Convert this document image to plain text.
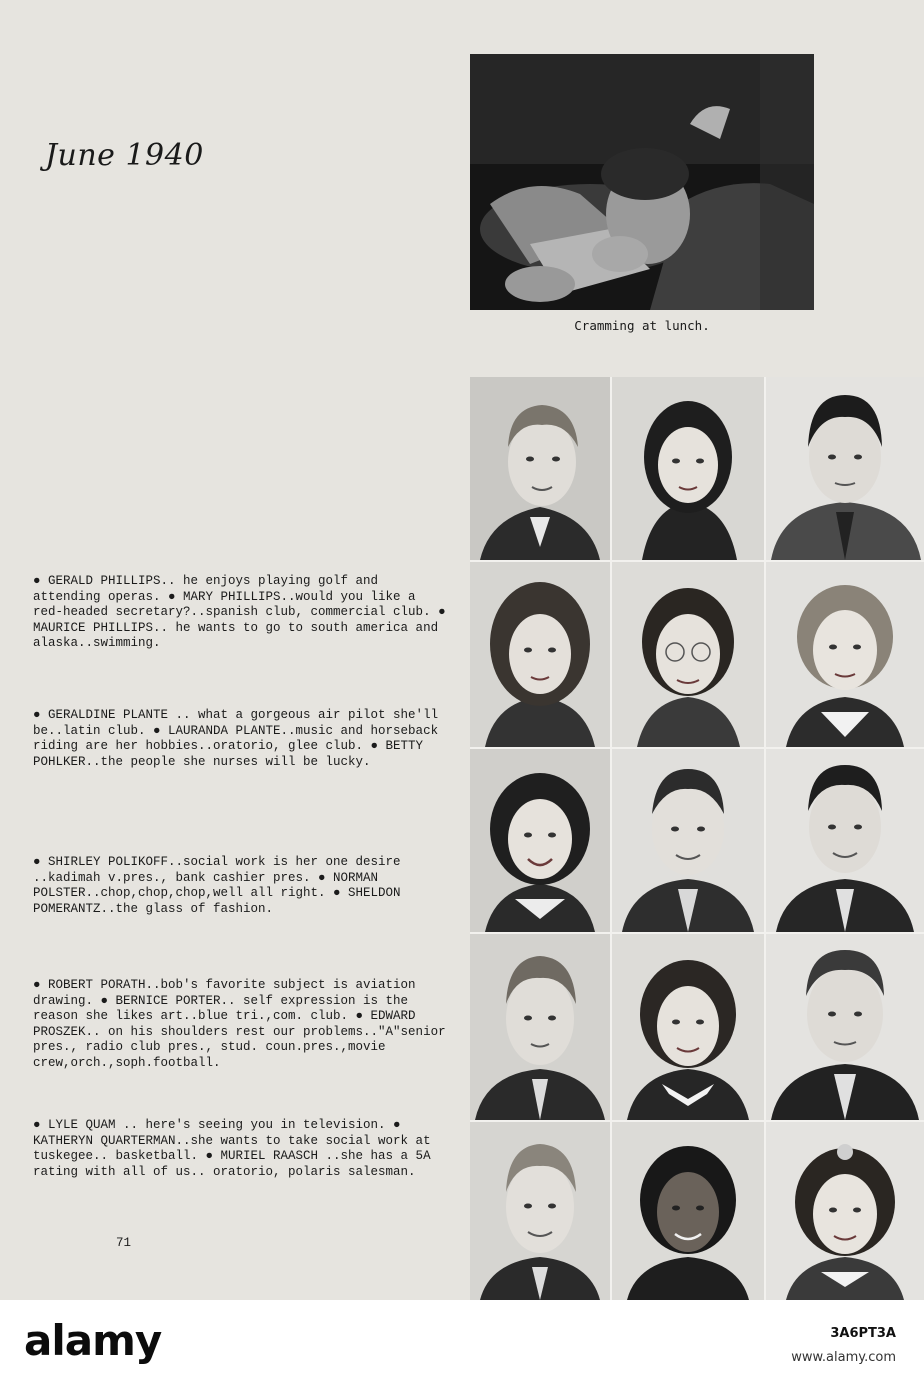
June 1940
Cramming at lunch.
● GERALD PHILLIPS.. he enjoys playing golf and attending operas. ● MARY PHILLIPS..would you like a red-headed secretary?..spanish club, commercial club. ● MAURICE PHILLIPS.. he wants to go to south america and alaska..swimming.
● GERALDINE PLANTE .. what a gorgeous air pilot she'll be..latin club. ● LAURANDA PLANTE..music and horseback riding are her hobbies..oratorio, glee club. ● BETTY POHLKER..the people she nurses will be lucky.
● SHIRLEY POLIKOFF..social work is her one desire ..kadimah v.pres., bank cashier pres. ● NORMAN POLSTER..chop,chop,chop,well all right. ● SHELDON POMERANTZ..the glass of fashion.
● ROBERT PORATH..bob's favorite subject is aviation drawing. ● BERNICE PORTER.. self expression is the reason she likes art..blue tri.,com. club. ● EDWARD PROSZEK.. on his shoulders rest our problems.."A"senior pres., radio club pres., stud. coun.pres.,movie crew,orch.,soph.football.
● LYLE QUAM .. here's seeing you in television. ● KATHERYN QUARTERMAN..she wants to take social work at tuskegee.. basketball. ● MURIEL RAASCH ..she has a 5A rating with all of us.. oratorio, polaris salesman.
71
alamy	3A6PT3A
www.alamy.com
